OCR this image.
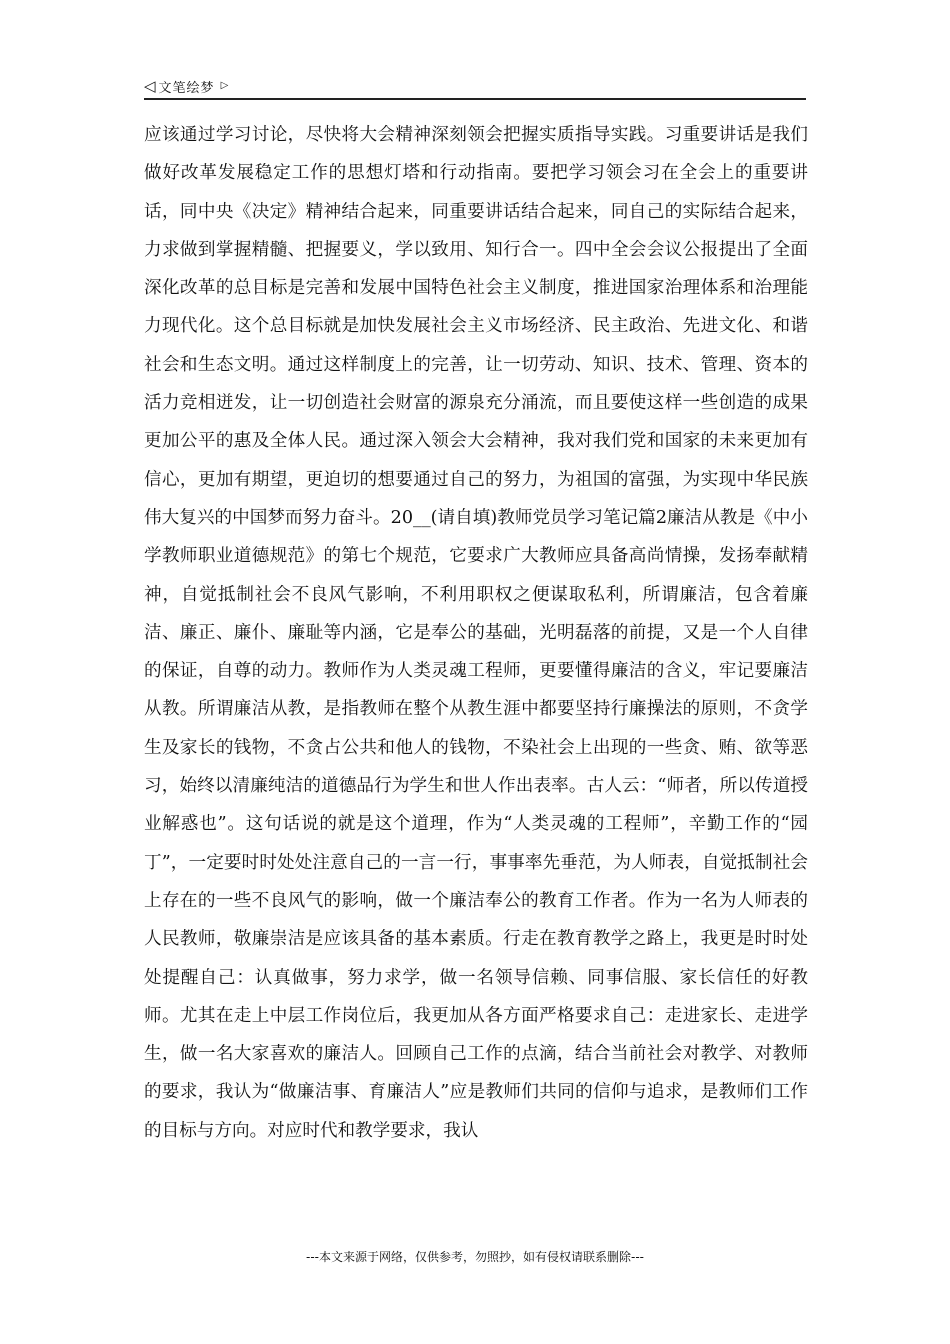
◁ 文笔绘梦 ▷
应该通过学习讨论，尽快将大会精神深刻领会把握实质指导实践。习重要讲话是我们做好改革发展稳定工作的思想灯塔和行动指南。要把学习领会习在全会上的重要讲话，同中央《决定》精神结合起来，同重要讲话结合起来，同自己的实际结合起来，力求做到掌握精髓、把握要义，学以致用、知行合一。四中全会会议公报提出了全面深化改革的总目标是完善和发展中国特色社会主义制度，推进国家治理体系和治理能力现代化。这个总目标就是加快发展社会主义市场经济、民主政治、先进文化、和谐社会和生态文明。通过这样制度上的完善，让一切劳动、知识、技术、管理、资本的活力竞相迸发，让一切创造社会财富的源泉充分涌流，而且要使这样一些创造的成果更加公平的惠及全体人民。通过深入领会大会精神，我对我们党和国家的未来更加有信心，更加有期望，更迫切的想要通过自己的努力，为祖国的富强，为实现中华民族伟大复兴的中国梦而努力奋斗。20__(请自填)教师党员学习笔记篇2廉洁从教是《中小学教师职业道德规范》的第七个规范，它要求广大教师应具备高尚情操，发扬奉献精神，自觉抵制社会不良风气影响，不利用职权之便谋取私利，所谓廉洁，包含着廉洁、廉正、廉仆、廉耻等内涵，它是奉公的基础，光明磊落的前提，又是一个人自律的保证，自尊的动力。教师作为人类灵魂工程师，更要懂得廉洁的含义，牢记要廉洁从教。所谓廉洁从教，是指教师在整个从教生涯中都要坚持行廉操法的原则，不贪学生及家长的钱物，不贪占公共和他人的钱物，不染社会上出现的一些贪、贿、欲等恶习，始终以清廉纯洁的道德品行为学生和世人作出表率。古人云：“师者，所以传道授业解惑也”。这句话说的就是这个道理，作为“人类灵魂的工程师”，辛勤工作的“园丁”，一定要时时处处注意自己的一言一行，事事率先垂范，为人师表，自觉抵制社会上存在的一些不良风气的影响，做一个廉洁奉公的教育工作者。作为一名为人师表的人民教师，敬廉崇洁是应该具备的基本素质。行走在教育教学之路上，我更是时时处处提醒自己：认真做事，努力求学，做一名领导信赖、同事信服、家长信任的好教师。尤其在走上中层工作岗位后，我更加从各方面严格要求自己：走进家长、走进学生，做一名大家喜欢的廉洁人。回顾自己工作的点滴，结合当前社会对教学、对教师的要求，我认为“做廉洁事、育廉洁人”应是教师们共同的信仰与追求，是教师们工作的目标与方向。对应时代和教学要求，我认
---本文来源于网络，仅供参考，勿照抄，如有侵权请联系删除---
